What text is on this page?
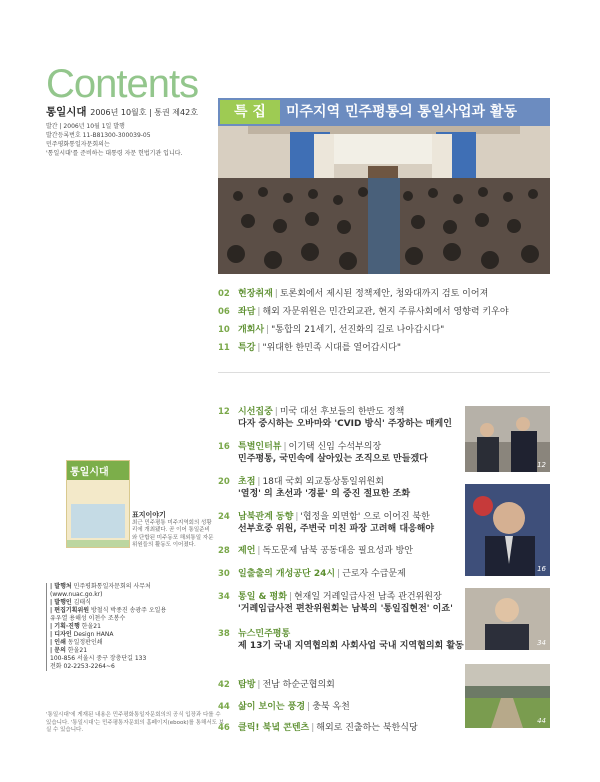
Contents
통일시대 2006년 10월호 | 통권 제42호
발간 | 2006년 10월 1일 발행
발간등록번호 11-B81300-300039-05
민주평화통일자문회의는
'통일시대'를 준비하는 대통령 자문 헌법기관 입니다.
통일시대
표지이야기
최근 민주평통 미주지역회의 성황리에 개최됐다. 곧 이어 통일준비와 단합된 미주동포 해외통일 자문위원들의 활동도 이어졌다.
| 발행처 민주평화통일자문회의 사무처
(www.nuac.go.kr)
| 발행인 김태식
| 편집기획위원 방철식 박종진 송광주 오일용
유우열 용해성 이천수 조봉수
| 기획·진행 한울21
| 디자인 Design HANA
| 인쇄 동일정판인쇄
| 문의 한울21
100-856 서울시 중구 장충단길 133
전화 02-2253-2264~6
'통일시대'에 게재된 내용은 민주평화통일자문회의의 공식 입장과 다를 수 있습니다. '통일시대'는 민주평통자문회의 홈페이지(ebook)를 통해서도 보실 수 있습니다.
특 집	미주지역 민주평통의 통일사업과 활동
02 현장취재 | 토론회에서 제시된 정책제안, 청와대까지 검토 이어져
06 좌담 | 해외 자문위원은 민간외교관, 현지 주류사회에서 영향력 키우야
10 개회사 | "통합의 21세기, 선진화의 길로 나아갑시다"
11 특강 | "위대한 한민족 시대를 열어갑시다"
12 시선집중 | 미국 대선 후보들의 한반도 정책
다자 중시하는 오바마와 'CVID 방식' 주장하는 매케인
16 특별인터뷰 | 이기택 신임 수석부의장
민주평통, 국민속에 살아있는 조직으로 만들겠다
20 초점 | 18대 국회 외교통상통일위원회
'열정' 의 초선과 '경륜' 의 중진 절묘한 조화
24 남북관계 동향 | '협정을 외면함' 으로 이어진 북한
선부흐중 위원, 주변국 미친 파장 고려해 대응해야
28 제언 | 독도문제 남북 공동대응 필요성과 방안
30 일출출의 개성공단 24시 | 근로자 수급문제
34 통일 & 평화 | 현재일 거례일급사전 남족 관건위원장
'거례임급사전 편찬위원회는 남북의 '통일집현전' 이죠'
38 뉴스민주평통
제 13기 국내 지역협의회 사회사업 국내 지역협의회 활동
42 탐방 | 전남 하순군협의회
44 삶이 보이는 풍경 | 충북 옥천
46 클릭! 북녘 콘텐츠 | 해외로 진출하는 북한식당
12
16
34
44
